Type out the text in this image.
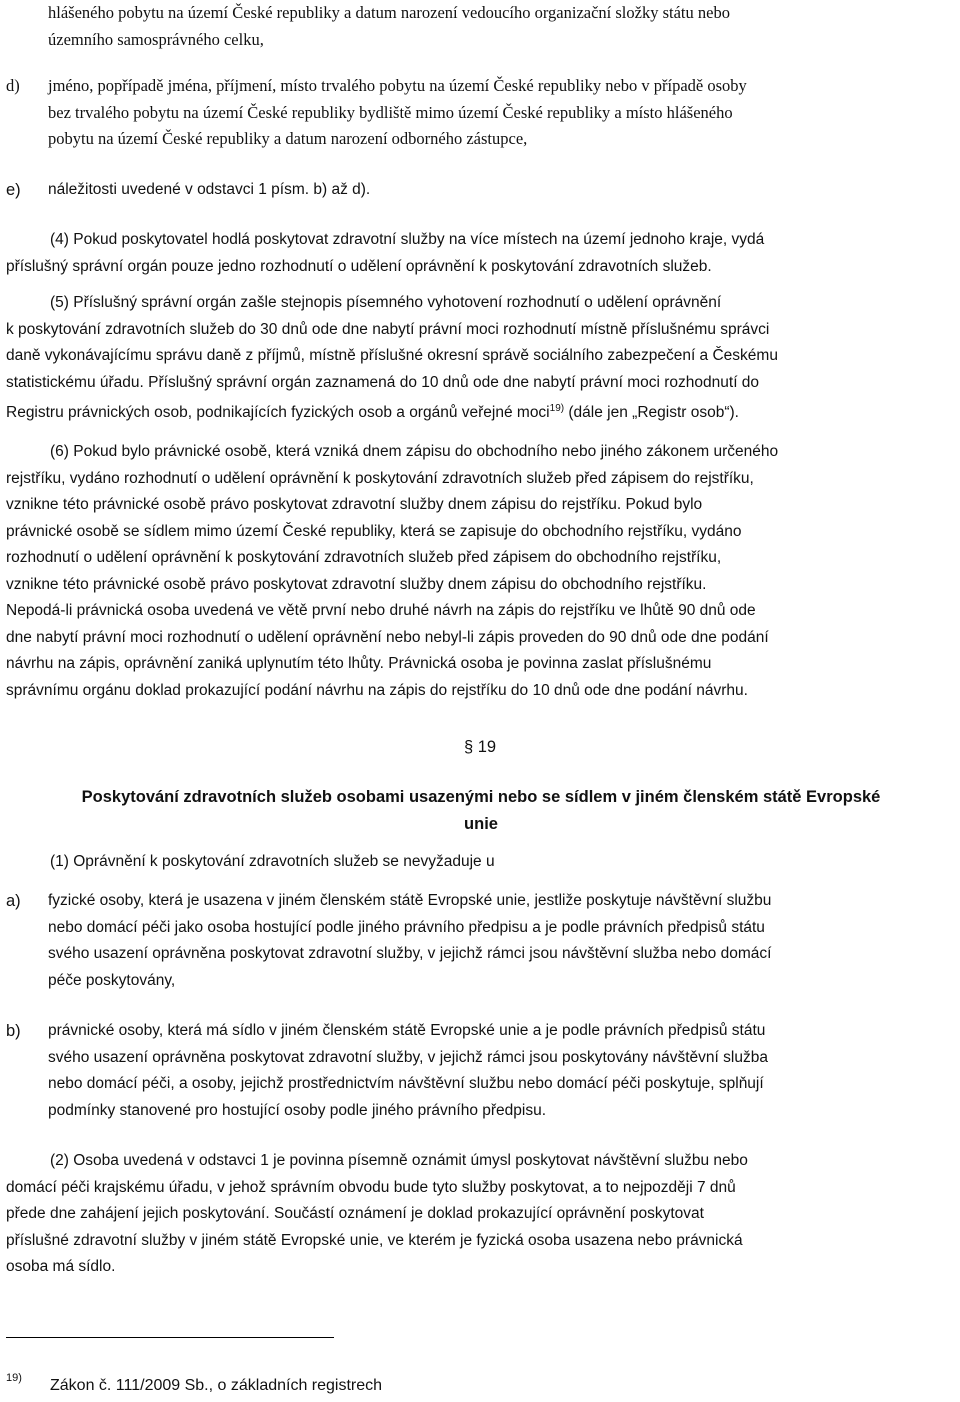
hlášeného pobytu na území České republiky a datum narození vedoucího organizační složky státu nebo
územního samosprávného celku,
d) jméno, popřípadě jména, příjmení, místo trvalého pobytu na území České republiky nebo v případě osoby
bez trvalého pobytu na území České republiky bydliště mimo území České republiky a místo hlášeného
pobytu na území České republiky a datum narození odborného zástupce,
e) náležitosti uvedené v odstavci 1 písm. b) až d).
(4) Pokud poskytovatel hodlá poskytovat zdravotní služby na více místech na území jednoho kraje, vydá
příslušný správní orgán pouze jedno rozhodnutí o udělení oprávnění k poskytování zdravotních služeb.
(5) Příslušný správní orgán zašle stejnopis písemného vyhotovení rozhodnutí o udělení oprávnění
k poskytování zdravotních služeb do 30 dnů ode dne nabytí právní moci rozhodnutí místně příslušnému správci
daně vykonávajícímu správu daně z příjmů, místně příslušné okresní správě sociálního zabezpečení a Českému
statistickému úřadu. Příslušný správní orgán zaznamená do 10 dnů ode dne nabytí právní moci rozhodnutí do
Registru právnických osob, podnikajících fyzických osob a orgánů veřejné moci$^{19)}$ (dále jen „Registr osob“).
(6) Pokud bylo právnické osobě, která vzniká dnem zápisu do obchodního nebo jiného zákonem určeného
rejstříku, vydáno rozhodnutí o udělení oprávnění k poskytování zdravotních služeb před zápisem do rejstříku,
vznikne této právnické osobě právo poskytovat zdravotní služby dnem zápisu do rejstříku. Pokud bylo
právnické osobě se sídlem mimo území České republiky, která se zapisuje do obchodního rejstříku, vydáno
rozhodnutí o udělení oprávnění k poskytování zdravotních služeb před zápisem do obchodního rejstříku,
vznikne této právnické osobě právo poskytovat zdravotní služby dnem zápisu do obchodního rejstříku.
Nepodá-li právnická osoba uvedená ve větě první nebo druhé návrh na zápis do rejstříku ve lhůtě 90 dnů ode
dne nabytí právní moci rozhodnutí o udělení oprávnění nebo nebyl-li zápis proveden do 90 dnů ode dne podání
návrhu na zápis, oprávnění zaniká uplynutím této lhůty. Právnická osoba je povinna zaslat příslušnému
správnímu orgánu doklad prokazující podání návrhu na zápis do rejstříku do 10 dnů ode dne podání návrhu.
§ 19
Poskytování zdravotních služeb osobami usazenými nebo se sídlem v jiném členském státě Evropské
unie
(1) Oprávnění k poskytování zdravotních služeb se nevyžaduje u
a) fyzické osoby, která je usazena v jiném členském státě Evropské unie, jestliže poskytuje návštěvní službu
nebo domácí péči jako osoba hostující podle jiného právního předpisu a je podle právních předpisů státu
svého usazení oprávněna poskytovat zdravotní služby, v jejichž rámci jsou návštěvní služba nebo domácí
péče poskytovány,
b) právnické osoby, která má sídlo v jiném členském státě Evropské unie a je podle právních předpisů státu
svého usazení oprávněna poskytovat zdravotní služby, v jejichž rámci jsou poskytovány návštěvní služba
nebo domácí péči, a osoby, jejichž prostřednictvím návštěvní službu nebo domácí péči poskytuje, splňují
podmínky stanovené pro hostující osoby podle jiného právního předpisu.
(2) Osoba uvedená v odstavci 1 je povinna písemně oznámit úmysl poskytovat návštěvní službu nebo
domácí péči krajskému úřadu, v jehož správním obvodu bude tyto služby poskytovat, a to nejpozději 7 dnů
přede dne zahájení jejich poskytování. Součástí oznámení je doklad prokazující oprávnění poskytovat
příslušné zdravotní služby v jiném státě Evropské unie, ve kterém je fyzická osoba usazena nebo právnická
osoba má sídlo.
19) Zákon č. 111/2009 Sb., o základních registrech
